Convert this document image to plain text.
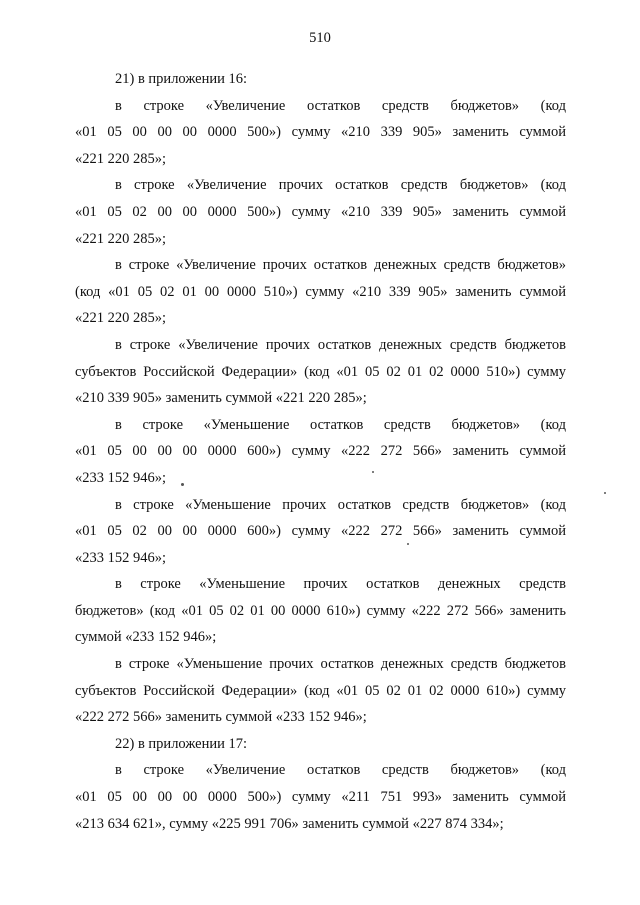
510

21) в приложении 16:

в строке «Увеличение остатков средств бюджетов» (код
«01 05 00 00 00 0000 500») сумму «210 339 905» заменить суммой
«221 220 285»;
в строке «Увеличение прочих остатков средств бюджетов» (код
«01 05 02 00 00 0000 500») сумму «210 339 905» заменить суммой
«221 220 285»;
в строке «Увеличение прочих остатков денежных средств бюджетов»
(код «01 05 02 01 00 0000 510») сумму «210 339 905» заменить суммой
«221 220 285»;
в строке «Увеличение прочих остатков денежных средств бюджетов
субъектов Российской Федерации» (код «01 05 02 01 02 0000 510») сумму
«210 339 905» заменить суммой «221 220 285»;
в строке «Уменьшение остатков средств бюджетов» (код
«01 05 00 00 00 0000 600») сумму «222 272 566» заменить суммой
«233 152 946»;
в строке «Уменьшение прочих остатков средств бюджетов» (код
«01 05 02 00 00 0000 600») сумму «222 272 566» заменить суммой
«233 152 946»;
в строке «Уменьшение прочих остатков денежных средств
бюджетов» (код «01 05 02 01 00 0000 610») сумму «222 272 566» заменить
суммой «233 152 946»;
в строке «Уменьшение прочих остатков денежных средств бюджетов
субъектов Российской Федерации» (код «01 05 02 01 02 0000 610») сумму
«222 272 566» заменить суммой «233 152 946»;

22) в приложении 17:

в строке «Увеличение остатков средств бюджетов» (код
«01 05 00 00 00 0000 500») сумму «211 751 993» заменить суммой
«213 634 621», сумму «225 991 706» заменить суммой «227 874 334»;
